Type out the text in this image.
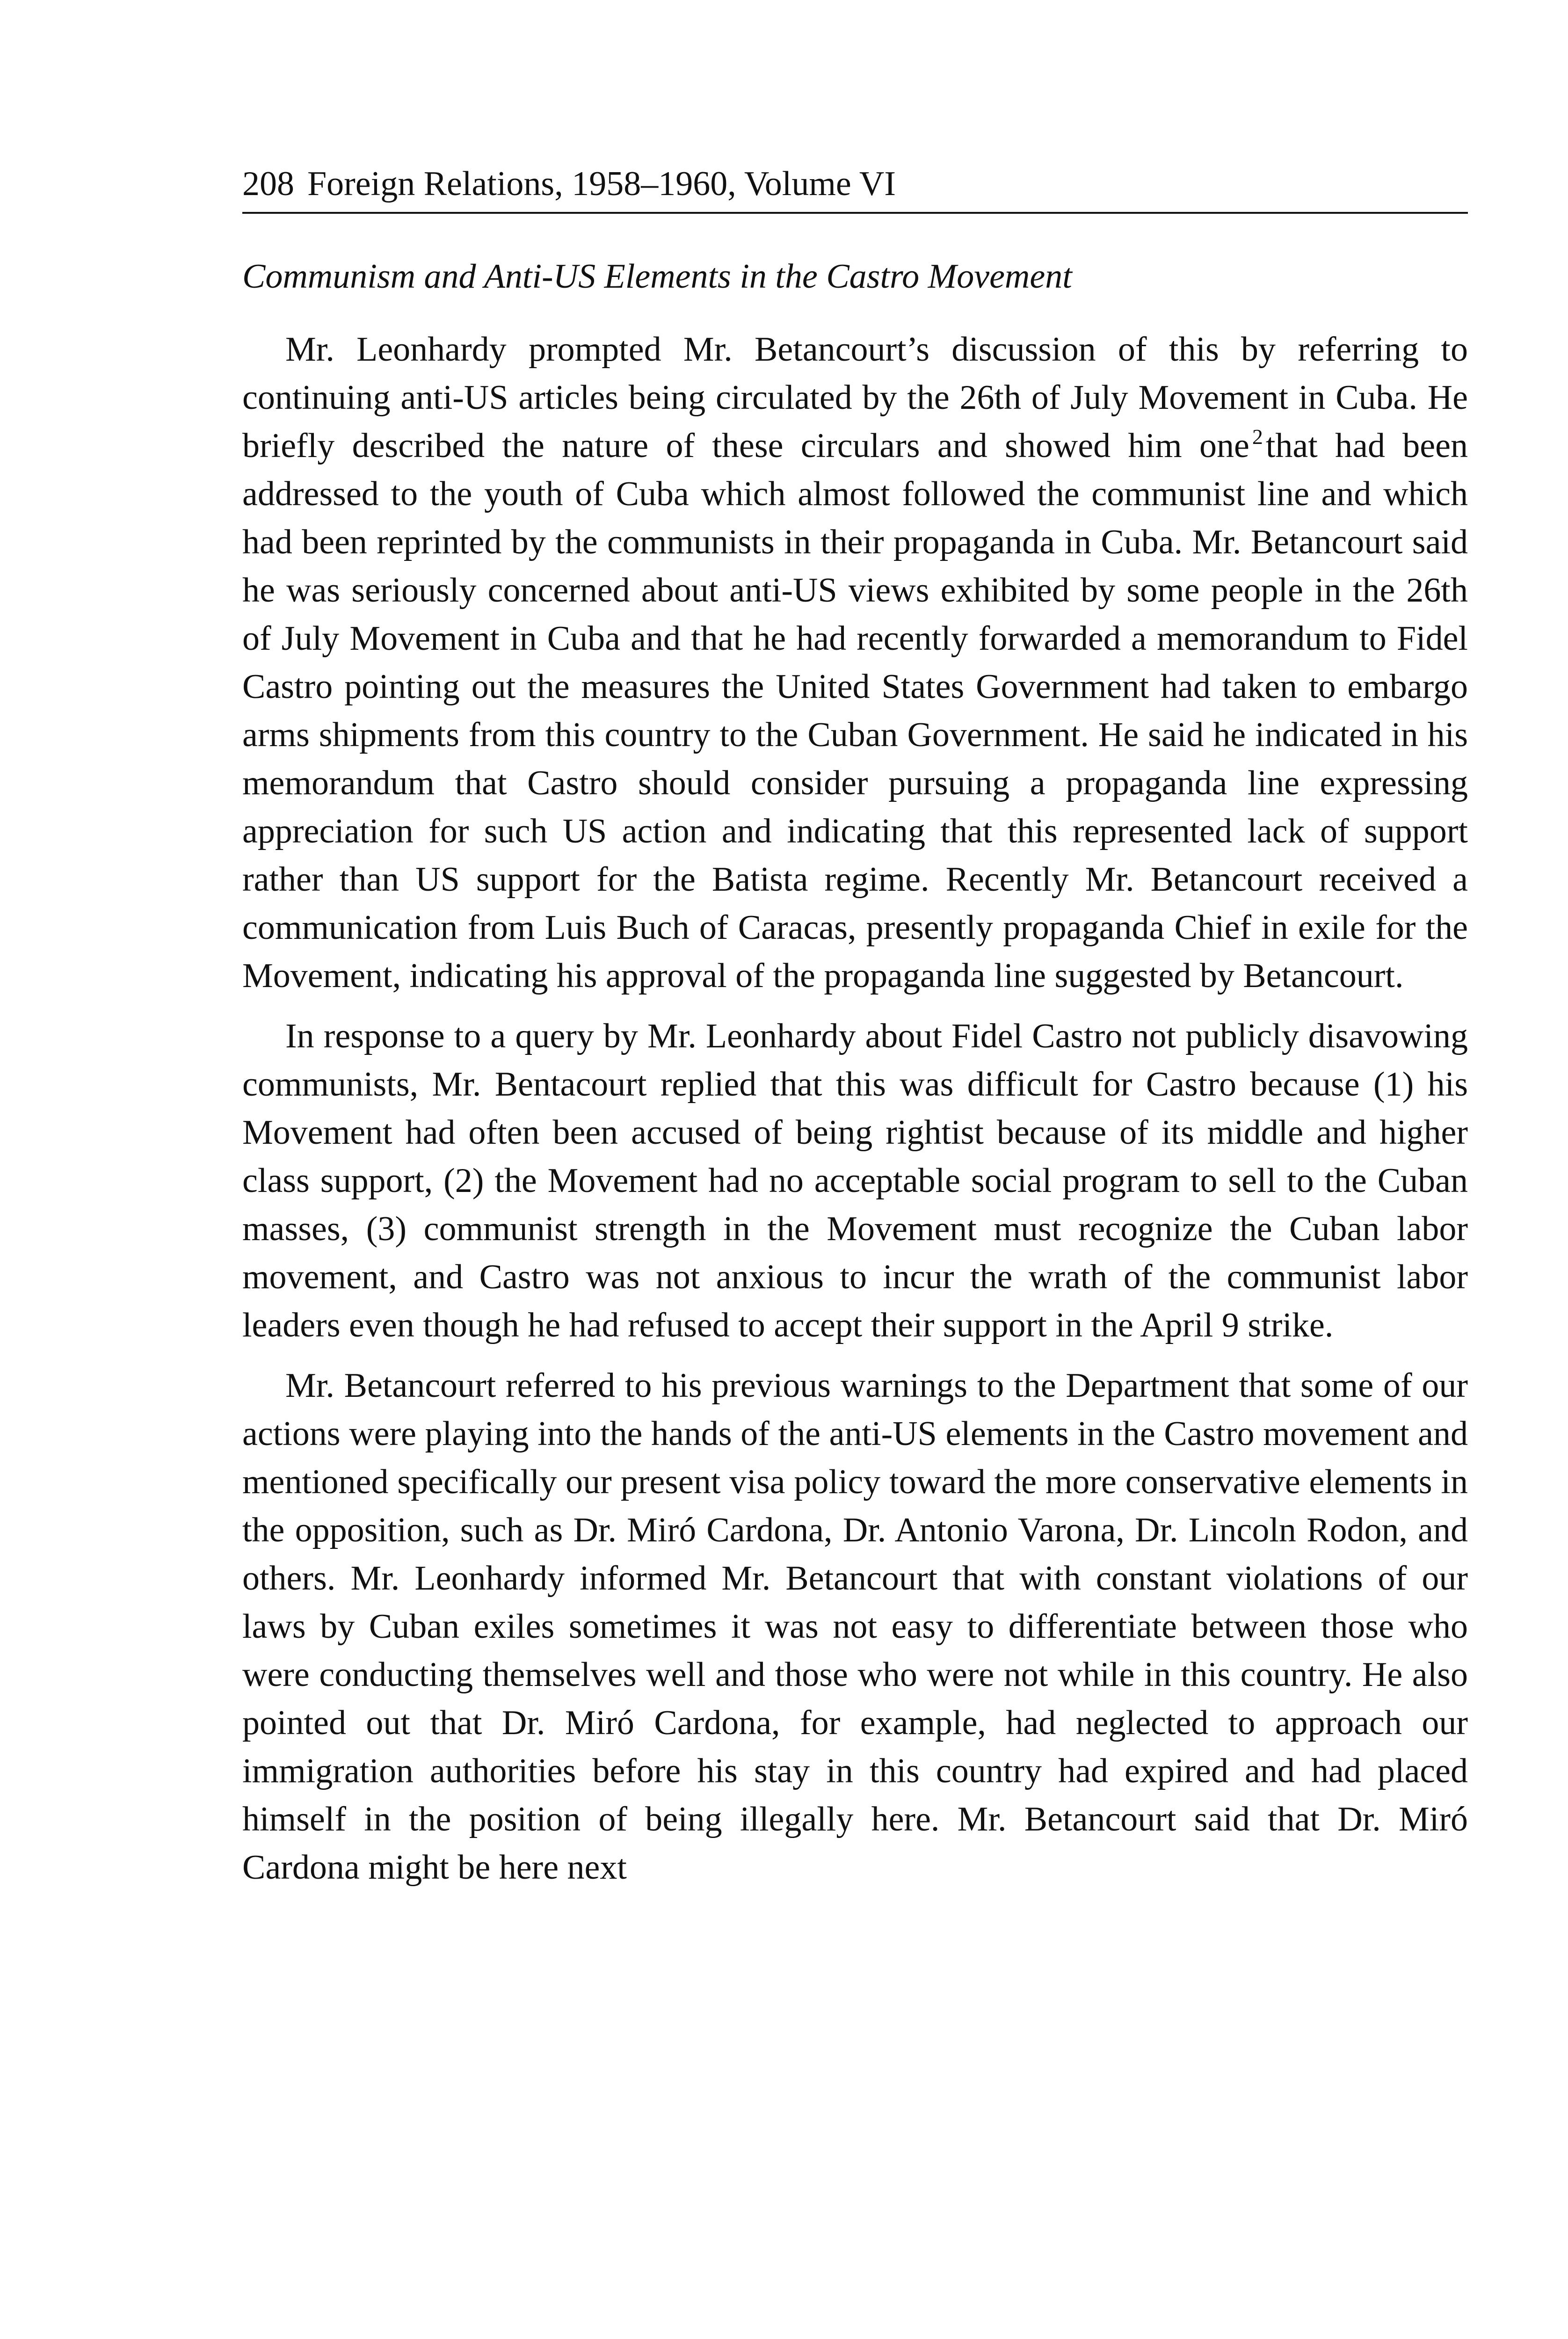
208 Foreign Relations, 1958–1960, Volume VI

Communism and Anti-US Elements in the Castro Movement

Mr. Leonhardy prompted Mr. Betancourt’s discussion of this by referring to continuing anti-US articles being circulated by the 26th of July Movement in Cuba. He briefly described the nature of these circulars and showed him one $^2$that had been addressed to the youth of Cuba which almost followed the communist line and which had been reprinted by the communists in their propaganda in Cuba. Mr. Betancourt said he was seriously concerned about anti-US views exhibited by some people in the 26th of July Movement in Cuba and that he had recently forwarded a memorandum to Fidel Castro pointing out the measures the United States Government had taken to embargo arms shipments from this country to the Cuban Government. He said he indicated in his memorandum that Castro should consider pursuing a propaganda line expressing appreciation for such US action and indicating that this represented lack of support rather than US support for the Batista regime. Recently Mr. Betancourt received a communication from Luis Buch of Caracas, presently propaganda Chief in exile for the Movement, indicating his approval of the propaganda line suggested by Betancourt.

In response to a query by Mr. Leonhardy about Fidel Castro not publicly disavowing communists, Mr. Bentacourt replied that this was difficult for Castro because (1) his Movement had often been accused of being rightist because of its middle and higher class support, (2) the Movement had no acceptable social program to sell to the Cuban masses, (3) communist strength in the Movement must recognize the Cuban labor movement, and Castro was not anxious to incur the wrath of the communist labor leaders even though he had refused to accept their support in the April 9 strike.

Mr. Betancourt referred to his previous warnings to the Department that some of our actions were playing into the hands of the anti-US elements in the Castro movement and mentioned specifically our present visa policy toward the more conservative elements in the opposition, such as Dr. Miró Cardona, Dr. Antonio Varona, Dr. Lincoln Rodon, and others. Mr. Leonhardy informed Mr. Betancourt that with constant violations of our laws by Cuban exiles sometimes it was not easy to differentiate between those who were conducting themselves well and those who were not while in this country. He also pointed out that Dr. Miró Cardona, for example, had neglected to approach our immigration authorities before his stay in this country had expired and had placed himself in the position of being illegally here. Mr. Betancourt said that Dr. Miró Cardona might be here next
